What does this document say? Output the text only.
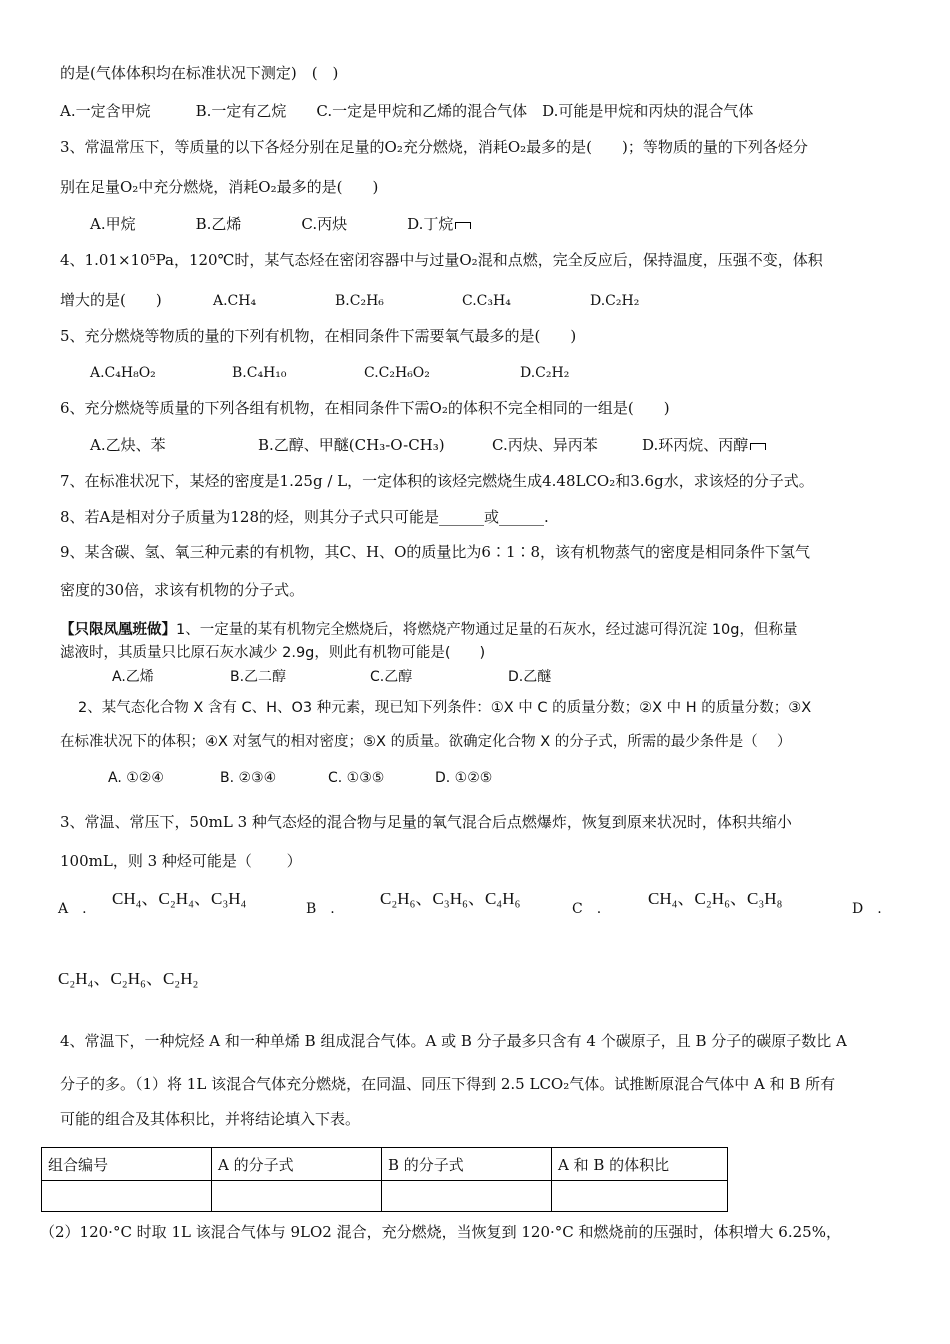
的是(气体体积均在标准状况下测定)　(　)
A.一定含甲烷　　　B.一定有乙烷　　C.一定是甲烷和乙烯的混合气体　D.可能是甲烷和丙炔的混合气体
3、常温常压下，等质量的以下各烃分别在足量的O₂充分燃烧，消耗O₂最多的是(　　)；等物质的量的下列各烃分
别在足量O₂中充分燃烧，消耗O₂最多的是(　　)
A.甲烷　　　　B.乙烯　　　　C.丙炔　　　　D.丁烷
4、1.01×10⁵Pa，120℃时，某气态烃在密闭容器中与过量O₂混和点燃，完全反应后，保持温度，压强不变，体积
增大的是(　　)	A.CH₄	B.C₂H₆	C.C₃H₄	D.C₂H₂
5、充分燃烧等物质的量的下列有机物，在相同条件下需要氧气最多的是(　　)
A.C₄H₈O₂	B.C₄H₁₀	C.C₂H₆O₂	D.C₂H₂
6、充分燃烧等质量的下列各组有机物，在相同条件下需O₂的体积不完全相同的一组是(　　)
A.乙炔、苯	B.乙醇、甲醚(CH₃-O-CH₃)	C.丙炔、异丙苯	D.环丙烷、丙醇
7、在标准状况下，某烃的密度是1.25g / L，一定体积的该烃完燃烧生成4.48LCO₂和3.6g水，求该烃的分子式。
8、若A是相对分子质量为128的烃，则其分子式只可能是______或______.
9、某含碳、氢、氧三种元素的有机物，其C、H、O的质量比为6∶1∶8，该有机物蒸气的密度是相同条件下氢气
密度的30倍，求该有机物的分子式。
【只限凤凰班做】1、一定量的某有机物完全燃烧后，将燃烧产物通过足量的石灰水，经过滤可得沉淀 10g，但称量
滤液时，其质量只比原石灰水减少 2.9g，则此有机物可能是(　　)
A.乙烯	B.乙二醇	C.乙醇	D.乙醚
2、某气态化合物 X 含有 C、H、O3 种元素，现已知下列条件：①X 中 C 的质量分数；②X 中 H 的质量分数；③X
在标准状况下的体积；④X 对氢气的相对密度；⑤X 的质量。欲确定化合物 X 的分子式，所需的最少条件是（　 ）
A. ①②④	B. ②③④	C. ①③⑤	D. ①②⑤
3、常温、常压下，50mL 3 种气态烃的混合物与足量的氧气混合后点燃爆炸，恢复到原来状况时，体积共缩小
100mL，则 3 种烃可能是（　　 ）
A　.
CH₄、C₂H₄、C₃H₄
B　.
C₂H₆、C₃H₆、C₄H₆
C　.
CH₄、C₂H₆、C₃H₈
D　.
C₂H₄、C₂H₆、C₂H₂
4、常温下，一种烷烃 A 和一种单烯 B 组成混合气体。A 或 B 分子最多只含有 4 个碳原子，且 B 分子的碳原子数比 A
分子的多。（1）将 1L 该混合气体充分燃烧，在同温、同压下得到 2.5 LCO₂气体。试推断原混合气体中 A 和 B 所有
可能的组合及其体积比，并将结论填入下表。
组合编号	A 的分子式	B 的分子式	A 和 B 的体积比

（2）120·°C 时取 1L 该混合气体与 9LO2 混合，充分燃烧，当恢复到 120·°C 和燃烧前的压强时，体积增大 6.25%，
